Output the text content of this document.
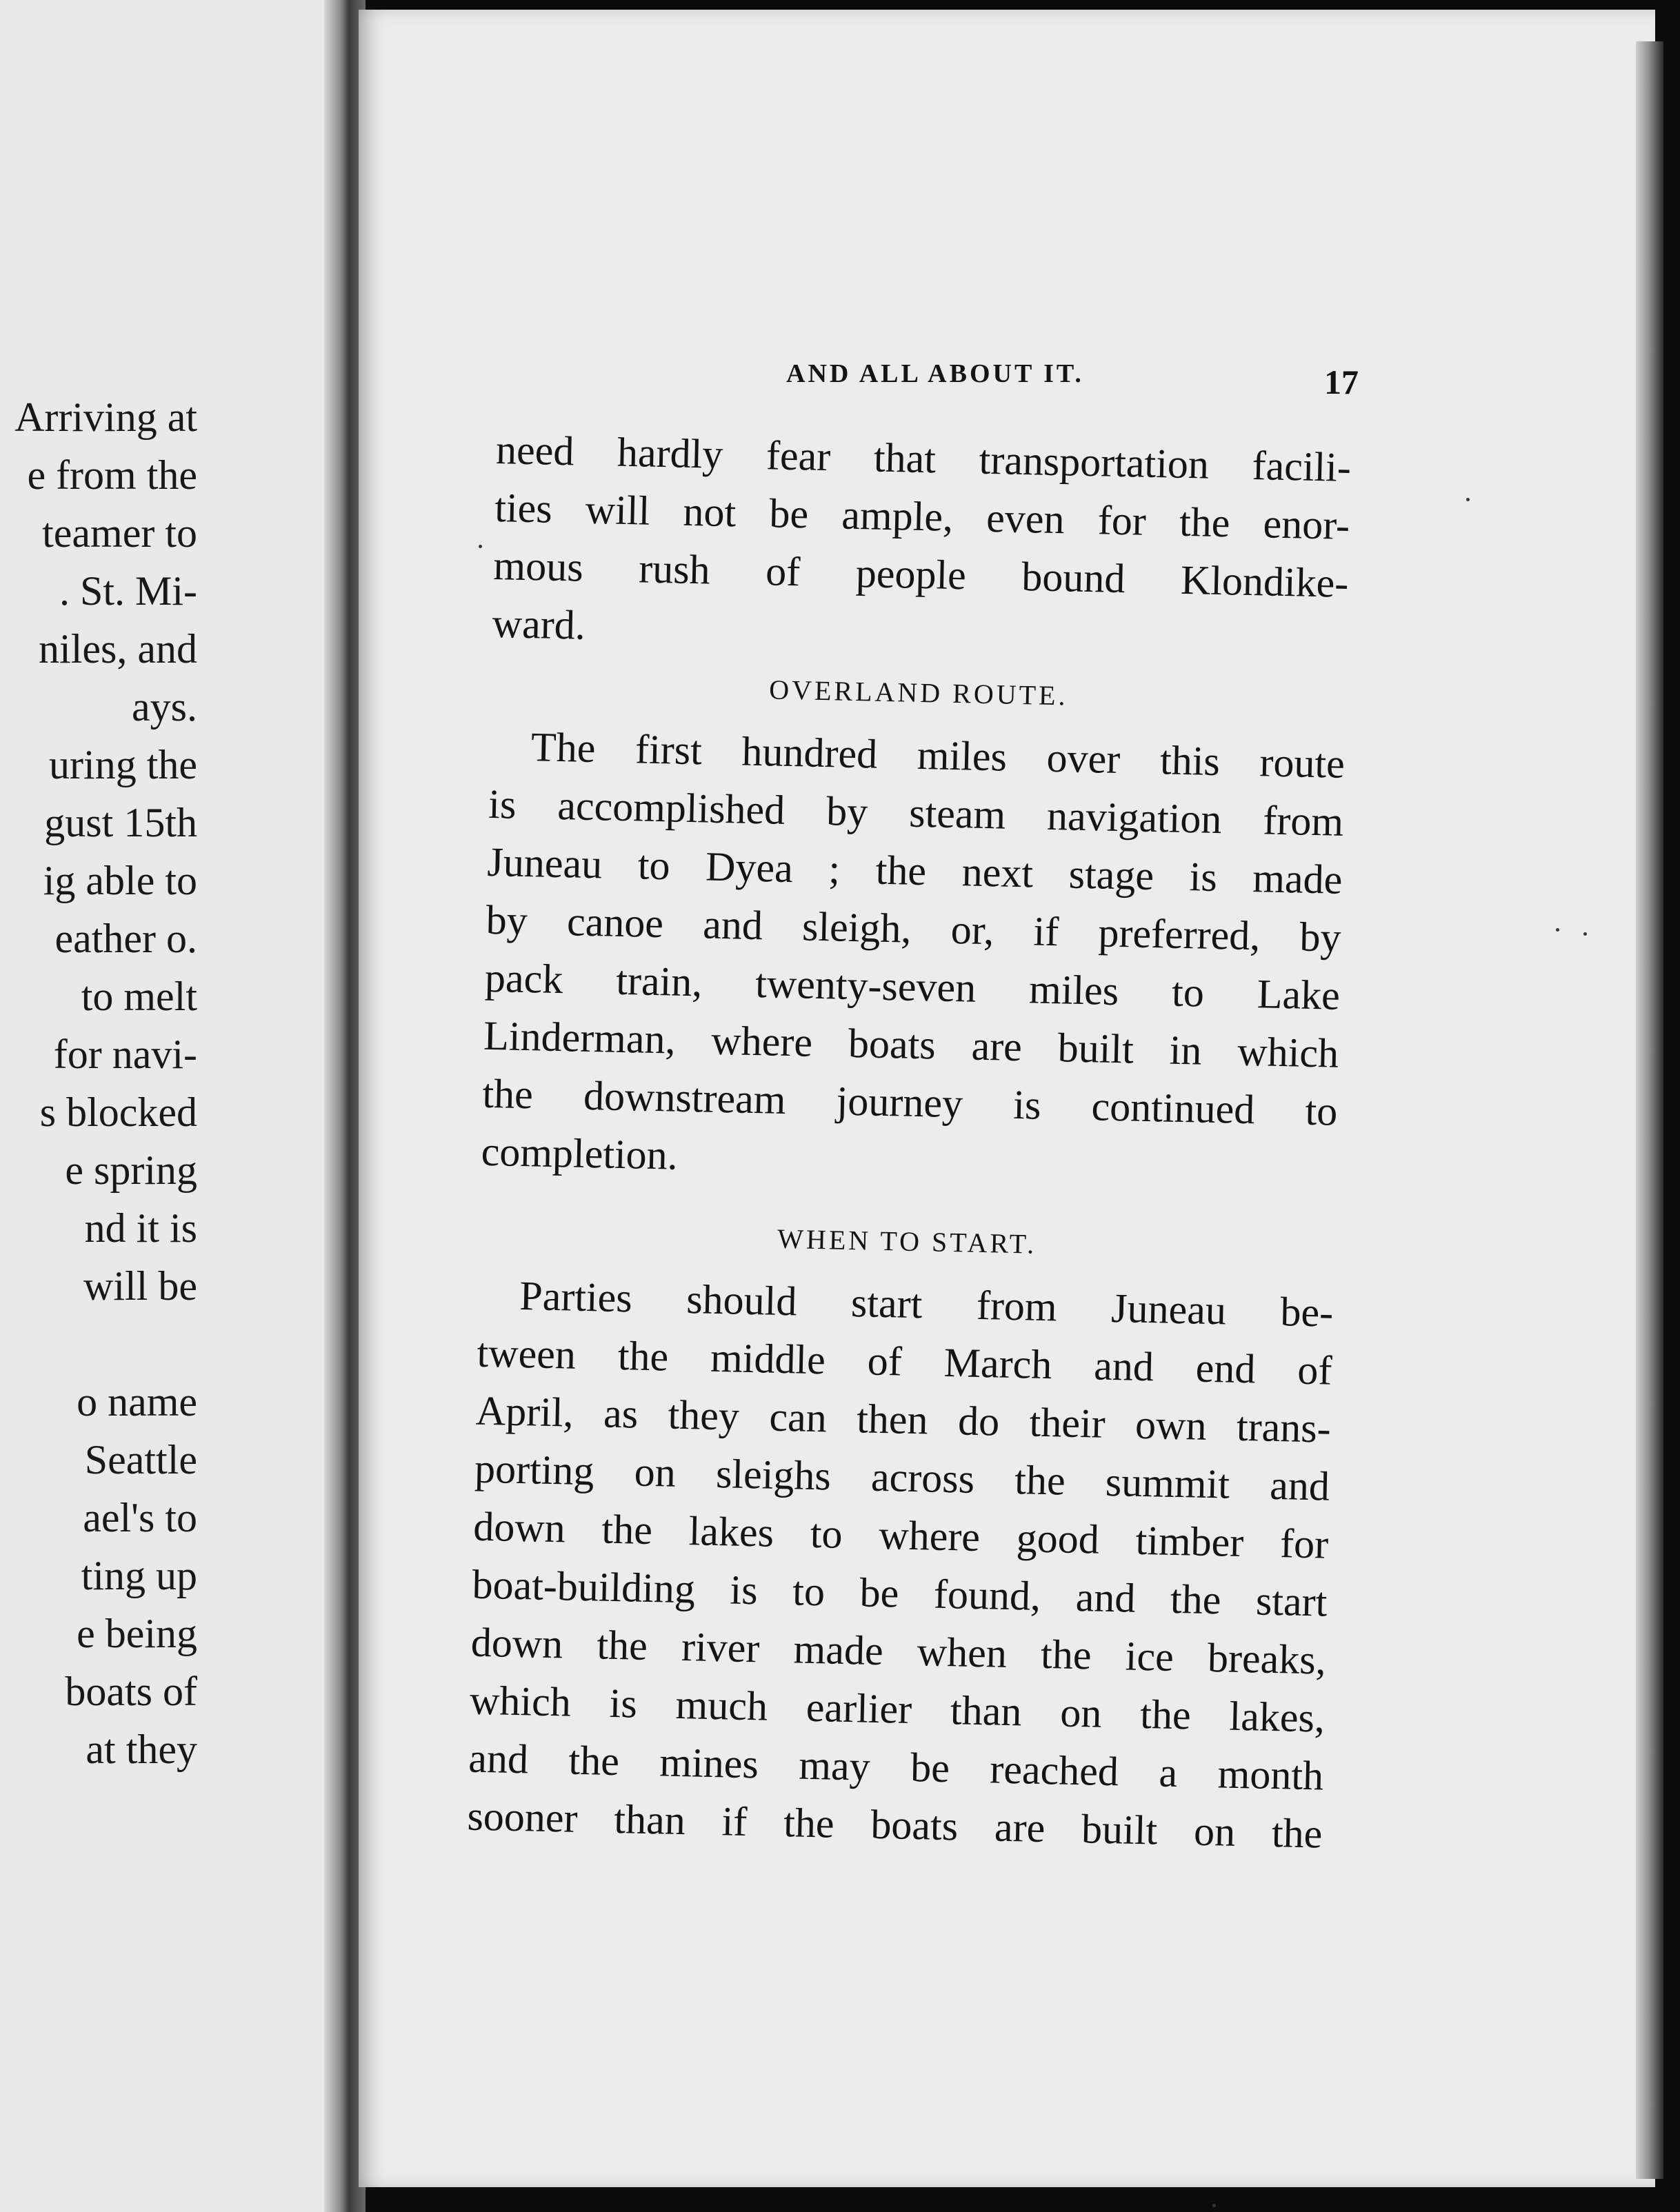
Arriving at
e from the
teamer to
. St. Mi-
niles, and
ays.
uring the
gust 15th
ig able to
eather o.
to melt
for navi-
s blocked
e spring
nd it is
will be
o name
Seattle
ael's to
ting up
e being
boats of
at they
AND ALL ABOUT IT.	17
need hardly fear that transportation facili-
ties will not be ample, even for the enor-
mous rush of people bound Klondike-
ward.
OVERLAND ROUTE.
The first hundred miles over this route
is accomplished by steam navigation from
Juneau to Dyea ; the next stage is made
by canoe and sleigh, or, if preferred, by
pack train, twenty-seven miles to Lake
Linderman, where boats are built in which
the downstream journey is continued to
completion.
WHEN TO START.
Parties should start from Juneau be-
tween the middle of March and end of
April, as they can then do their own trans-
porting on sleighs across the summit and
down the lakes to where good timber for
boat-building is to be found, and the start
down the river made when the ice breaks,
which is much earlier than on the lakes,
and the mines may be reached a month
sooner than if the boats are built on the
